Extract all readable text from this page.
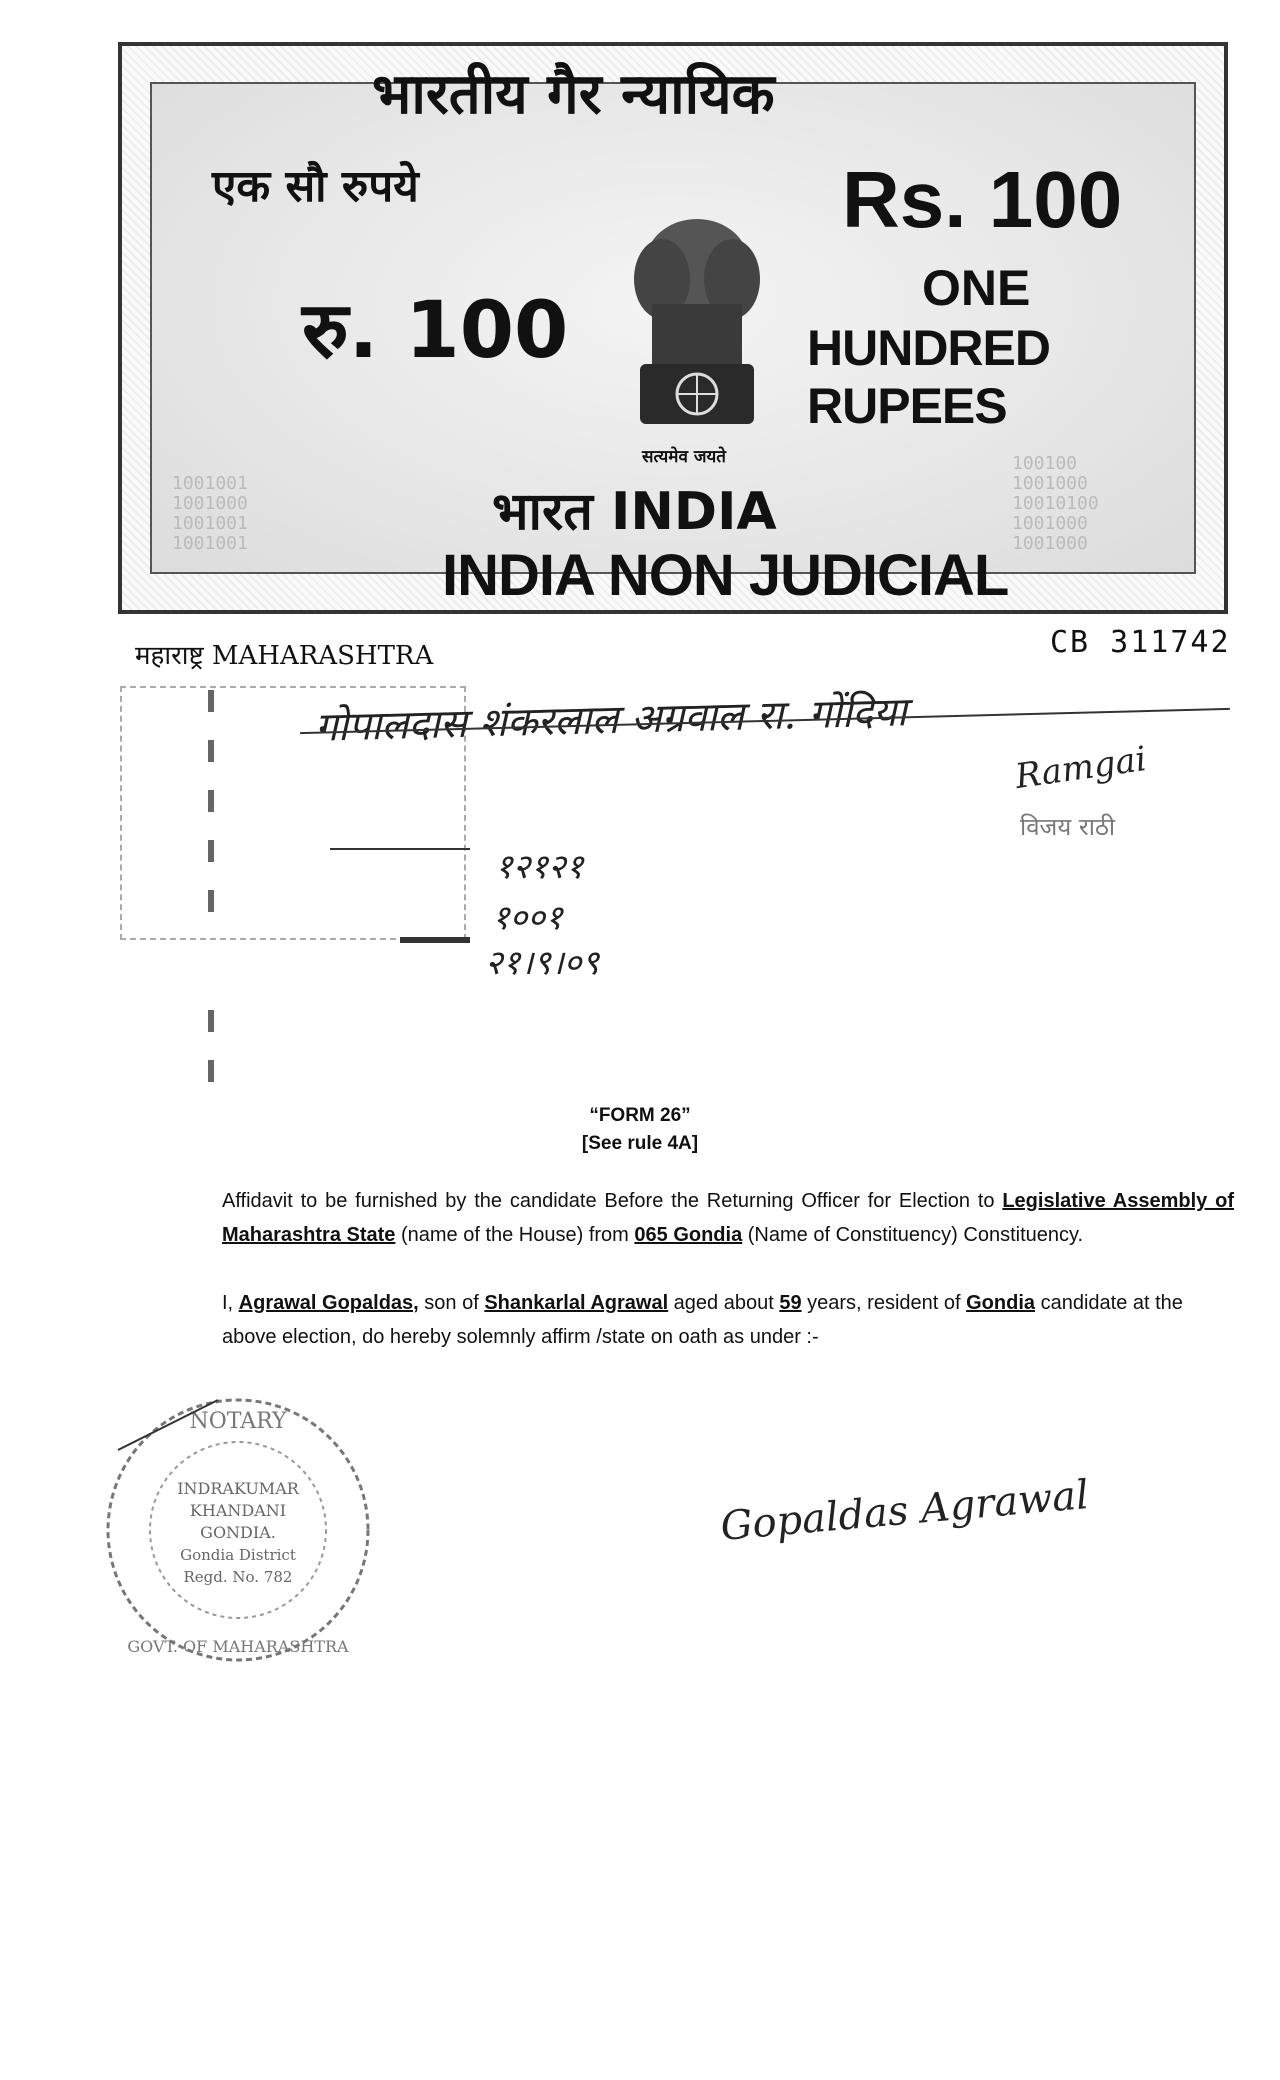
भारतीय गैर न्यायिक
एक सौ रुपये
रु. 100
Rs. 100
ONE
HUNDRED RUPEES
सत्यमेव जयते
भारत INDIA
INDIA NON JUDICIAL
1001001
1001000
1001001
1001001
100100
1001000
10010100
1001000
1001000
महाराष्ट्र MAHARASHTRA	CB 311742
गोपालदास शंकरलाल अग्रवाल रा. गोंदिया
१२१२१
१००१
२१।९।०९
Ramgai
विजय राठी
“FORM 26”
[See rule 4A]
Affidavit to be furnished by the candidate Before the Returning Officer for Election to Legislative Assembly of Maharashtra State (name of the House) from 065 Gondia (Name of Constituency) Constituency.
I, Agrawal Gopaldas, son of Shankarlal Agrawal aged about 59 years, resident of Gondia candidate at the above election, do hereby solemnly affirm /state on oath as under :-
NOTARY
INDRAKUMAR
KHANDANI
GONDIA.
Gondia District
Regd. No. 782
GOVT. OF MAHARASHTRA
Gopaldas Agrawal
